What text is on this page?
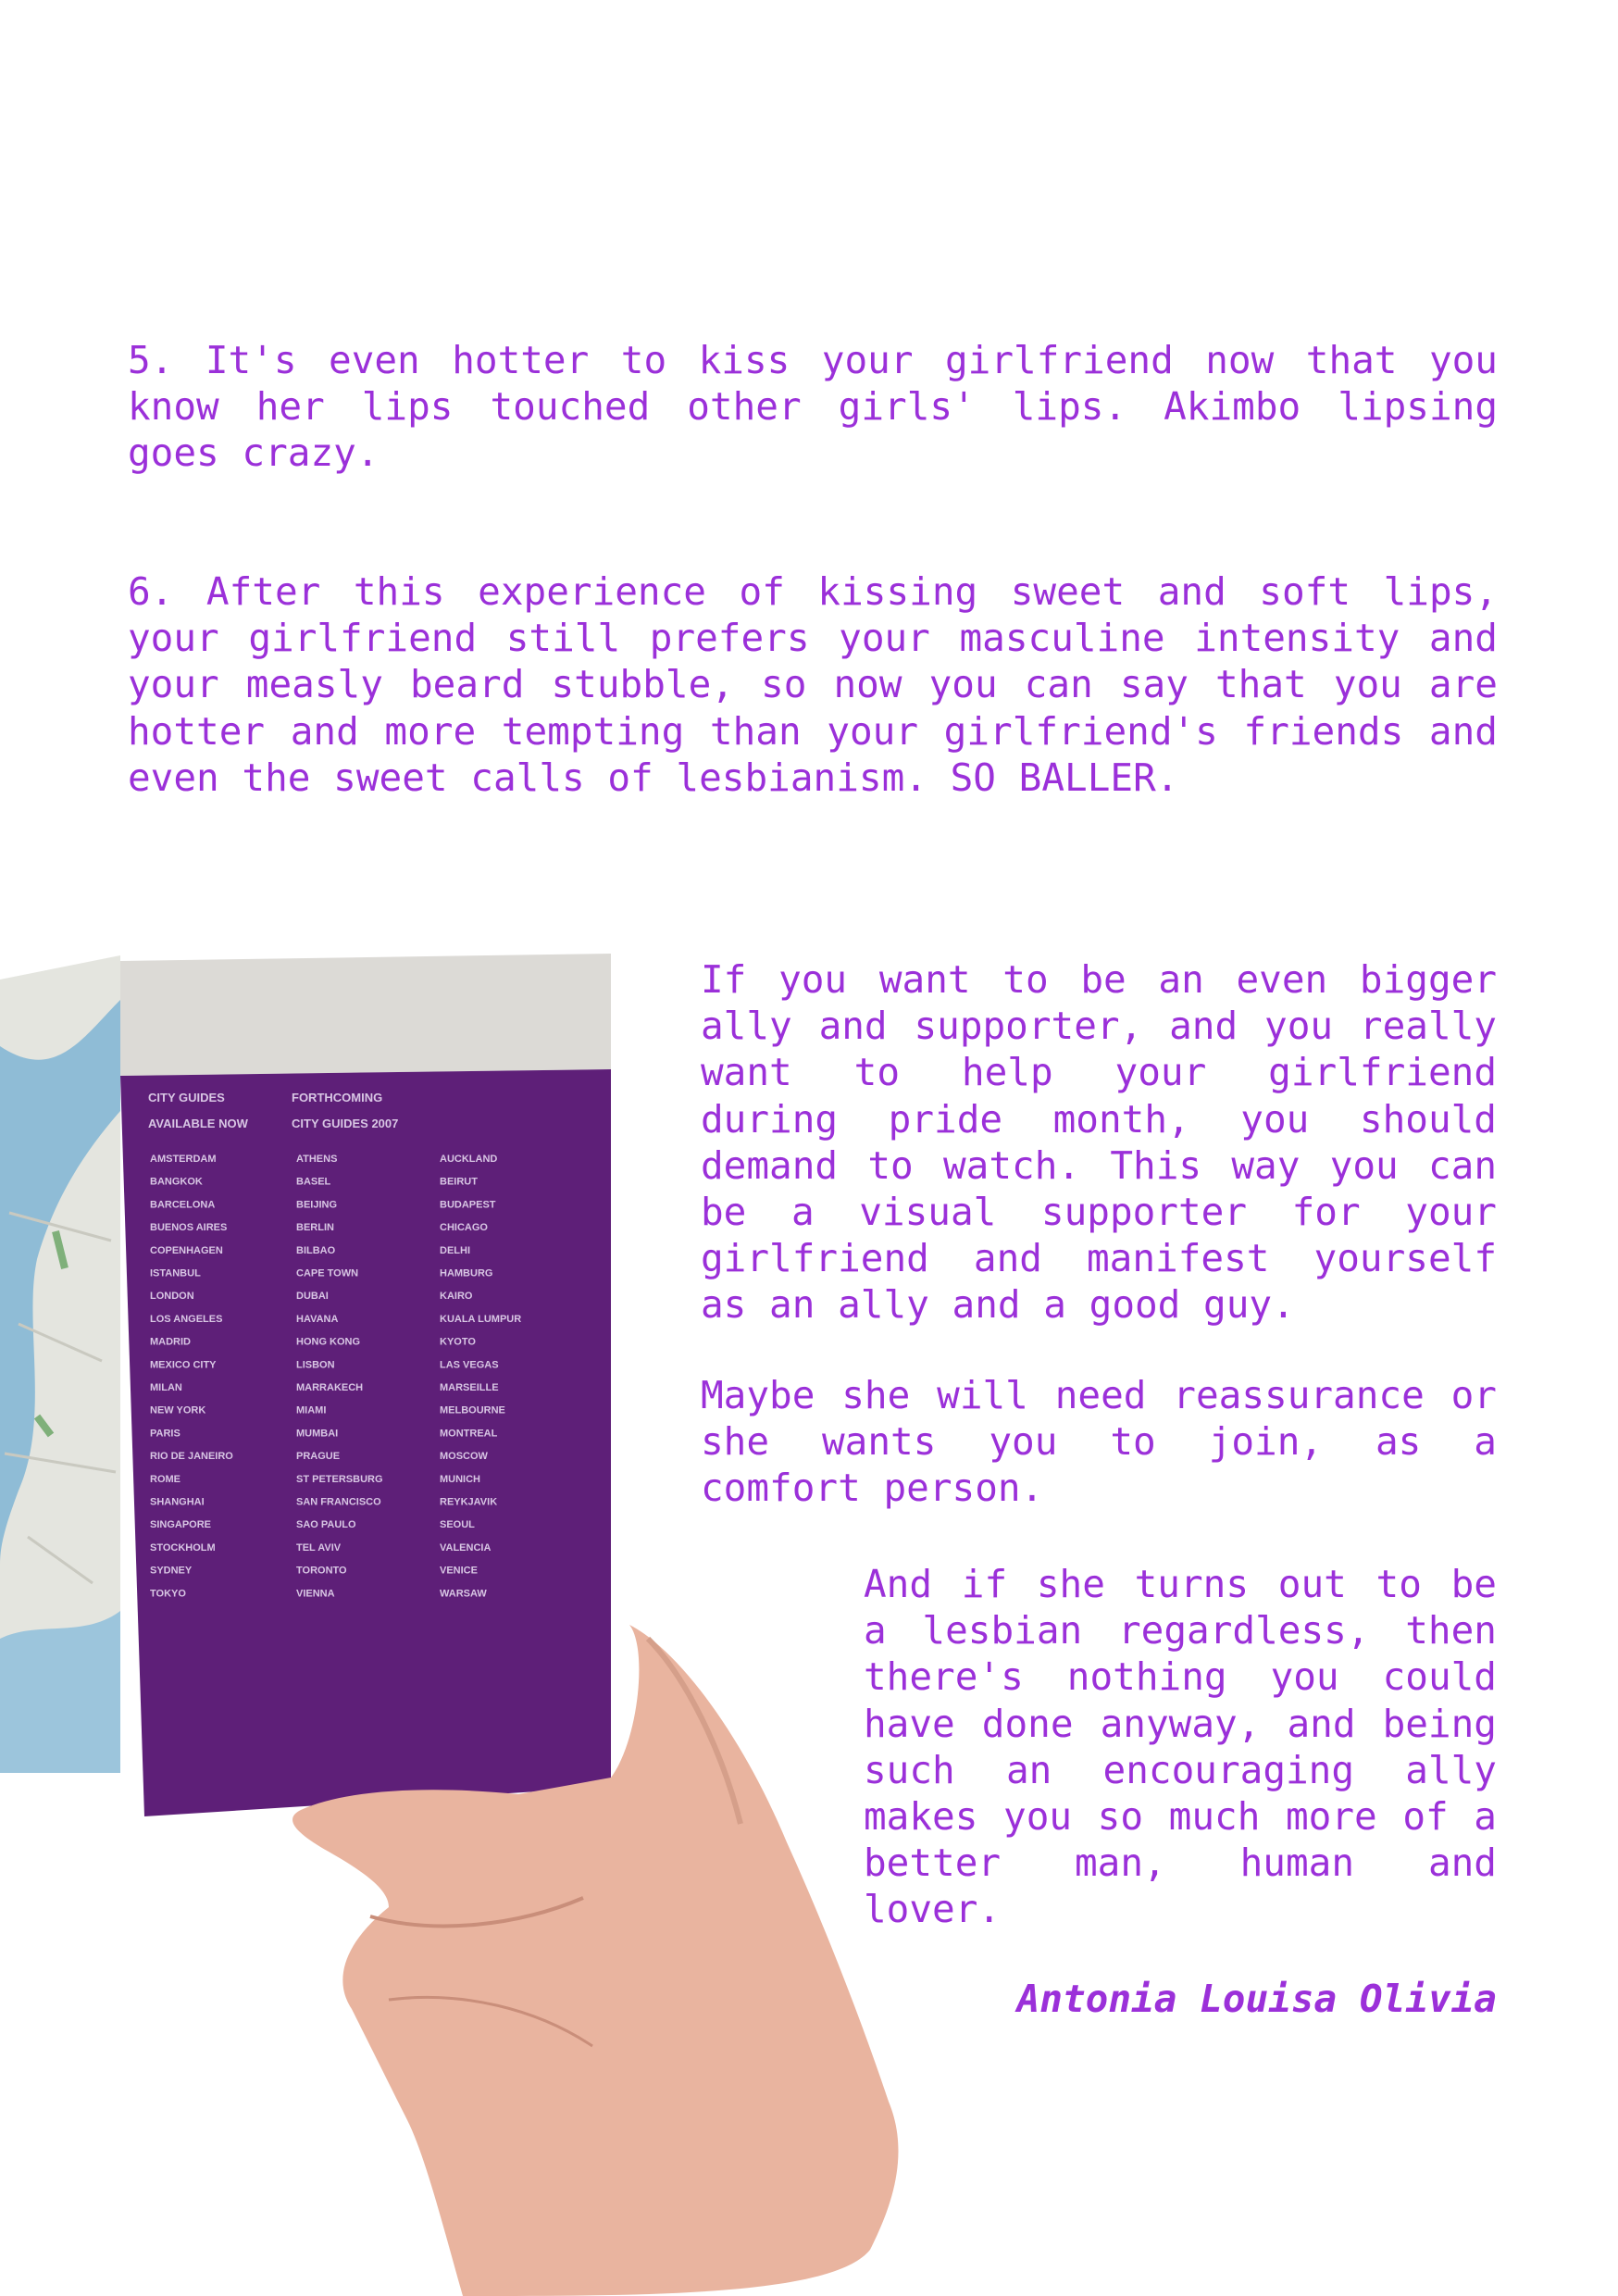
5. It's even hotter to kiss your girlfriend now that you know her lips touched other girls' lips. Akimbo lipsing goes crazy.

6. After this experience of kissing sweet and soft lips, your girlfriend still prefers your masculine intensity and your measly beard stubble, so now you can say that you are hotter and more tempting than your girlfriend's friends and even the sweet calls of lesbianism. SO BALLER.

CITY GUIDES
AVAILABLE NOW
FORTHCOMING
CITY GUIDES 2007
AMSTERDAM
BANGKOK
BARCELONA
BUENOS AIRES
COPENHAGEN
ISTANBUL
LONDON
LOS ANGELES
MADRID
MEXICO CITY
MILAN
NEW YORK
PARIS
RIO DE JANEIRO
ROME
SHANGHAI
SINGAPORE
STOCKHOLM
SYDNEY
TOKYO
ATHENS
BASEL
BEIJING
BERLIN
BILBAO
CAPE TOWN
DUBAI
HAVANA
HONG KONG
LISBON
MARRAKECH
MIAMI
MUMBAI
PRAGUE
ST PETERSBURG
SAN FRANCISCO
SAO PAULO
TEL AVIV
TORONTO
VIENNA
AUCKLAND
BEIRUT
BUDAPEST
CHICAGO
DELHI
HAMBURG
KAIRO
KUALA LUMPUR
KYOTO
LAS VEGAS
MARSEILLE
MELBOURNE
MONTREAL
MOSCOW
MUNICH
REYKJAVIK
SEOUL
VALENCIA
VENICE
WARSAW

If you want to be an even bigger ally and supporter, and you really want to help your girlfriend during pride month, you should demand to watch. This way you can be a visual supporter for your girlfriend and manifest yourself as an ally and a good guy.

Maybe she will need reassurance or she wants you to join, as a comfort person.

And if she turns out to be a lesbian regardless, then there's nothing you could have done anyway, and being such an encouraging ally makes you so much more of a better man, human and lover.

Antonia Louisa Olivia
